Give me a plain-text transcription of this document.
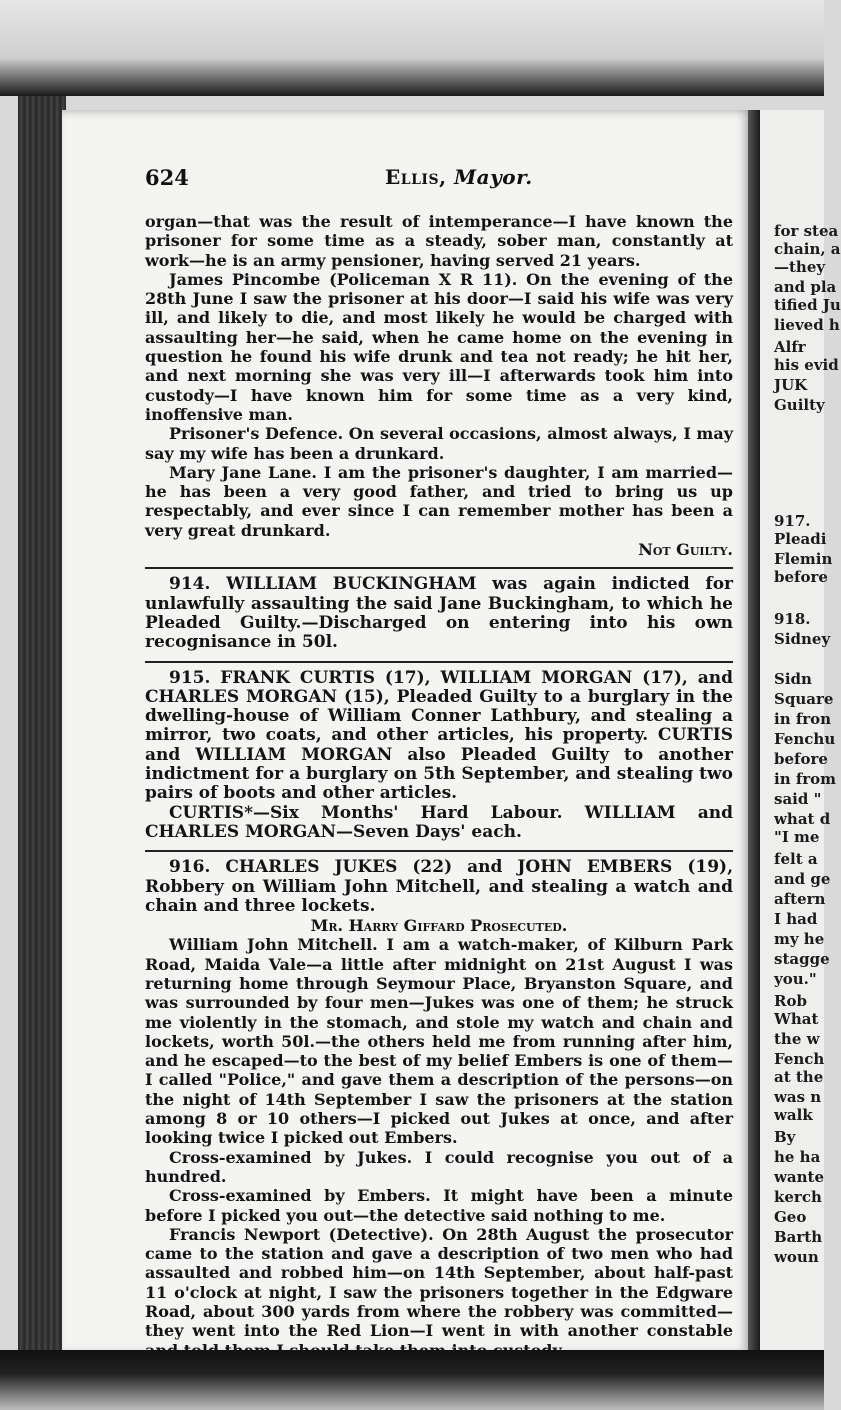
for stea
chain, a
—they
and pla
tified Ju
lieved h
Alfr
his evid
JUK
Guilty
917.
Pleadi
Flemin
before
918.
Sidney
Sidn
Square
in fron
Fenchu
before
in from
said "
what d
"I me
felt a
and ge
aftern
I had
my he
stagge
you."
Rob
What
the w
Fench
at the
was n
walk
By
he ha
wante
kerch
Geo
Barth
woun
624	Ellis, Mayor.

organ—that was the result of intemperance—I have known the prisoner for some time as a steady, sober man, constantly at work—he is an army pensioner, having served 21 years.

James Pincombe (Policeman X R 11). On the evening of the 28th June I saw the prisoner at his door—I said his wife was very ill, and likely to die, and most likely he would be charged with assaulting her—he said, when he came home on the evening in question he found his wife drunk and tea not ready; he hit her, and next morning she was very ill—I afterwards took him into custody—I have known him for some time as a very kind, inoffensive man.

Prisoner's Defence. On several occasions, almost always, I may say my wife has been a drunkard.

Mary Jane Lane. I am the prisoner's daughter, I am married—he has been a very good father, and tried to bring us up respectably, and ever since I can remember mother has been a very great drunkard.

Not Guilty.

914. WILLIAM BUCKINGHAM was again indicted for unlawfully assaulting the said Jane Buckingham, to which he Pleaded Guilty.—Discharged on entering into his own recognisance in 50l.

915. FRANK CURTIS (17), WILLIAM MORGAN (17), and CHARLES MORGAN (15), Pleaded Guilty to a burglary in the dwelling-house of William Conner Lathbury, and stealing a mirror, two coats, and other articles, his property. CURTIS and WILLIAM MORGAN also Pleaded Guilty to another indictment for a burglary on 5th September, and stealing two pairs of boots and other articles.

CURTIS*—Six Months' Hard Labour. WILLIAM and CHARLES MORGAN—Seven Days' each.

916. CHARLES JUKES (22) and JOHN EMBERS (19), Robbery on William John Mitchell, and stealing a watch and chain and three lockets.

Mr. Harry Giffard Prosecuted.

William John Mitchell. I am a watch-maker, of Kilburn Park Road, Maida Vale—a little after midnight on 21st August I was returning home through Seymour Place, Bryanston Square, and was surrounded by four men—Jukes was one of them; he struck me violently in the stomach, and stole my watch and chain and lockets, worth 50l.—the others held me from running after him, and he escaped—to the best of my belief Embers is one of them—I called "Police," and gave them a description of the persons—on the night of 14th September I saw the prisoners at the station among 8 or 10 others—I picked out Jukes at once, and after looking twice I picked out Embers.

Cross-examined by Jukes. I could recognise you out of a hundred.

Cross-examined by Embers. It might have been a minute before I picked you out—the detective said nothing to me.

Francis Newport (Detective). On 28th August the prosecutor came to the station and gave a description of two men who had assaulted and robbed him—on 14th September, about half-past 11 o'clock at night, I saw the prisoners together in the Edgware Road, about 300 yards from where the robbery was committed—they went into the Red Lion—I went in with another constable and told them I should take them into custody
